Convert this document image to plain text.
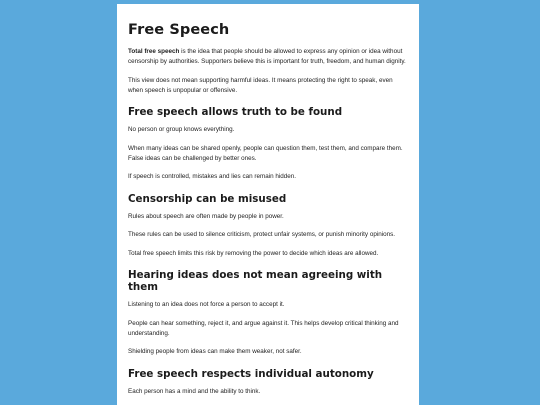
Free Speech

Total free speech is the idea that people should be allowed to express any opinion or idea without censorship by authorities. Supporters believe this is important for truth, freedom, and human dignity.

This view does not mean supporting harmful ideas. It means protecting the right to speak, even when speech is unpopular or offensive.

Free speech allows truth to be found

No person or group knows everything.

When many ideas can be shared openly, people can question them, test them, and compare them. False ideas can be challenged by better ones.

If speech is controlled, mistakes and lies can remain hidden.

Censorship can be misused

Rules about speech are often made by people in power.

These rules can be used to silence criticism, protect unfair systems, or punish minority opinions.

Total free speech limits this risk by removing the power to decide which ideas are allowed.

Hearing ideas does not mean agreeing with them

Listening to an idea does not force a person to accept it.

People can hear something, reject it, and argue against it. This helps develop critical thinking and understanding.

Shielding people from ideas can make them weaker, not safer.

Free speech respects individual autonomy

Each person has a mind and the ability to think.
